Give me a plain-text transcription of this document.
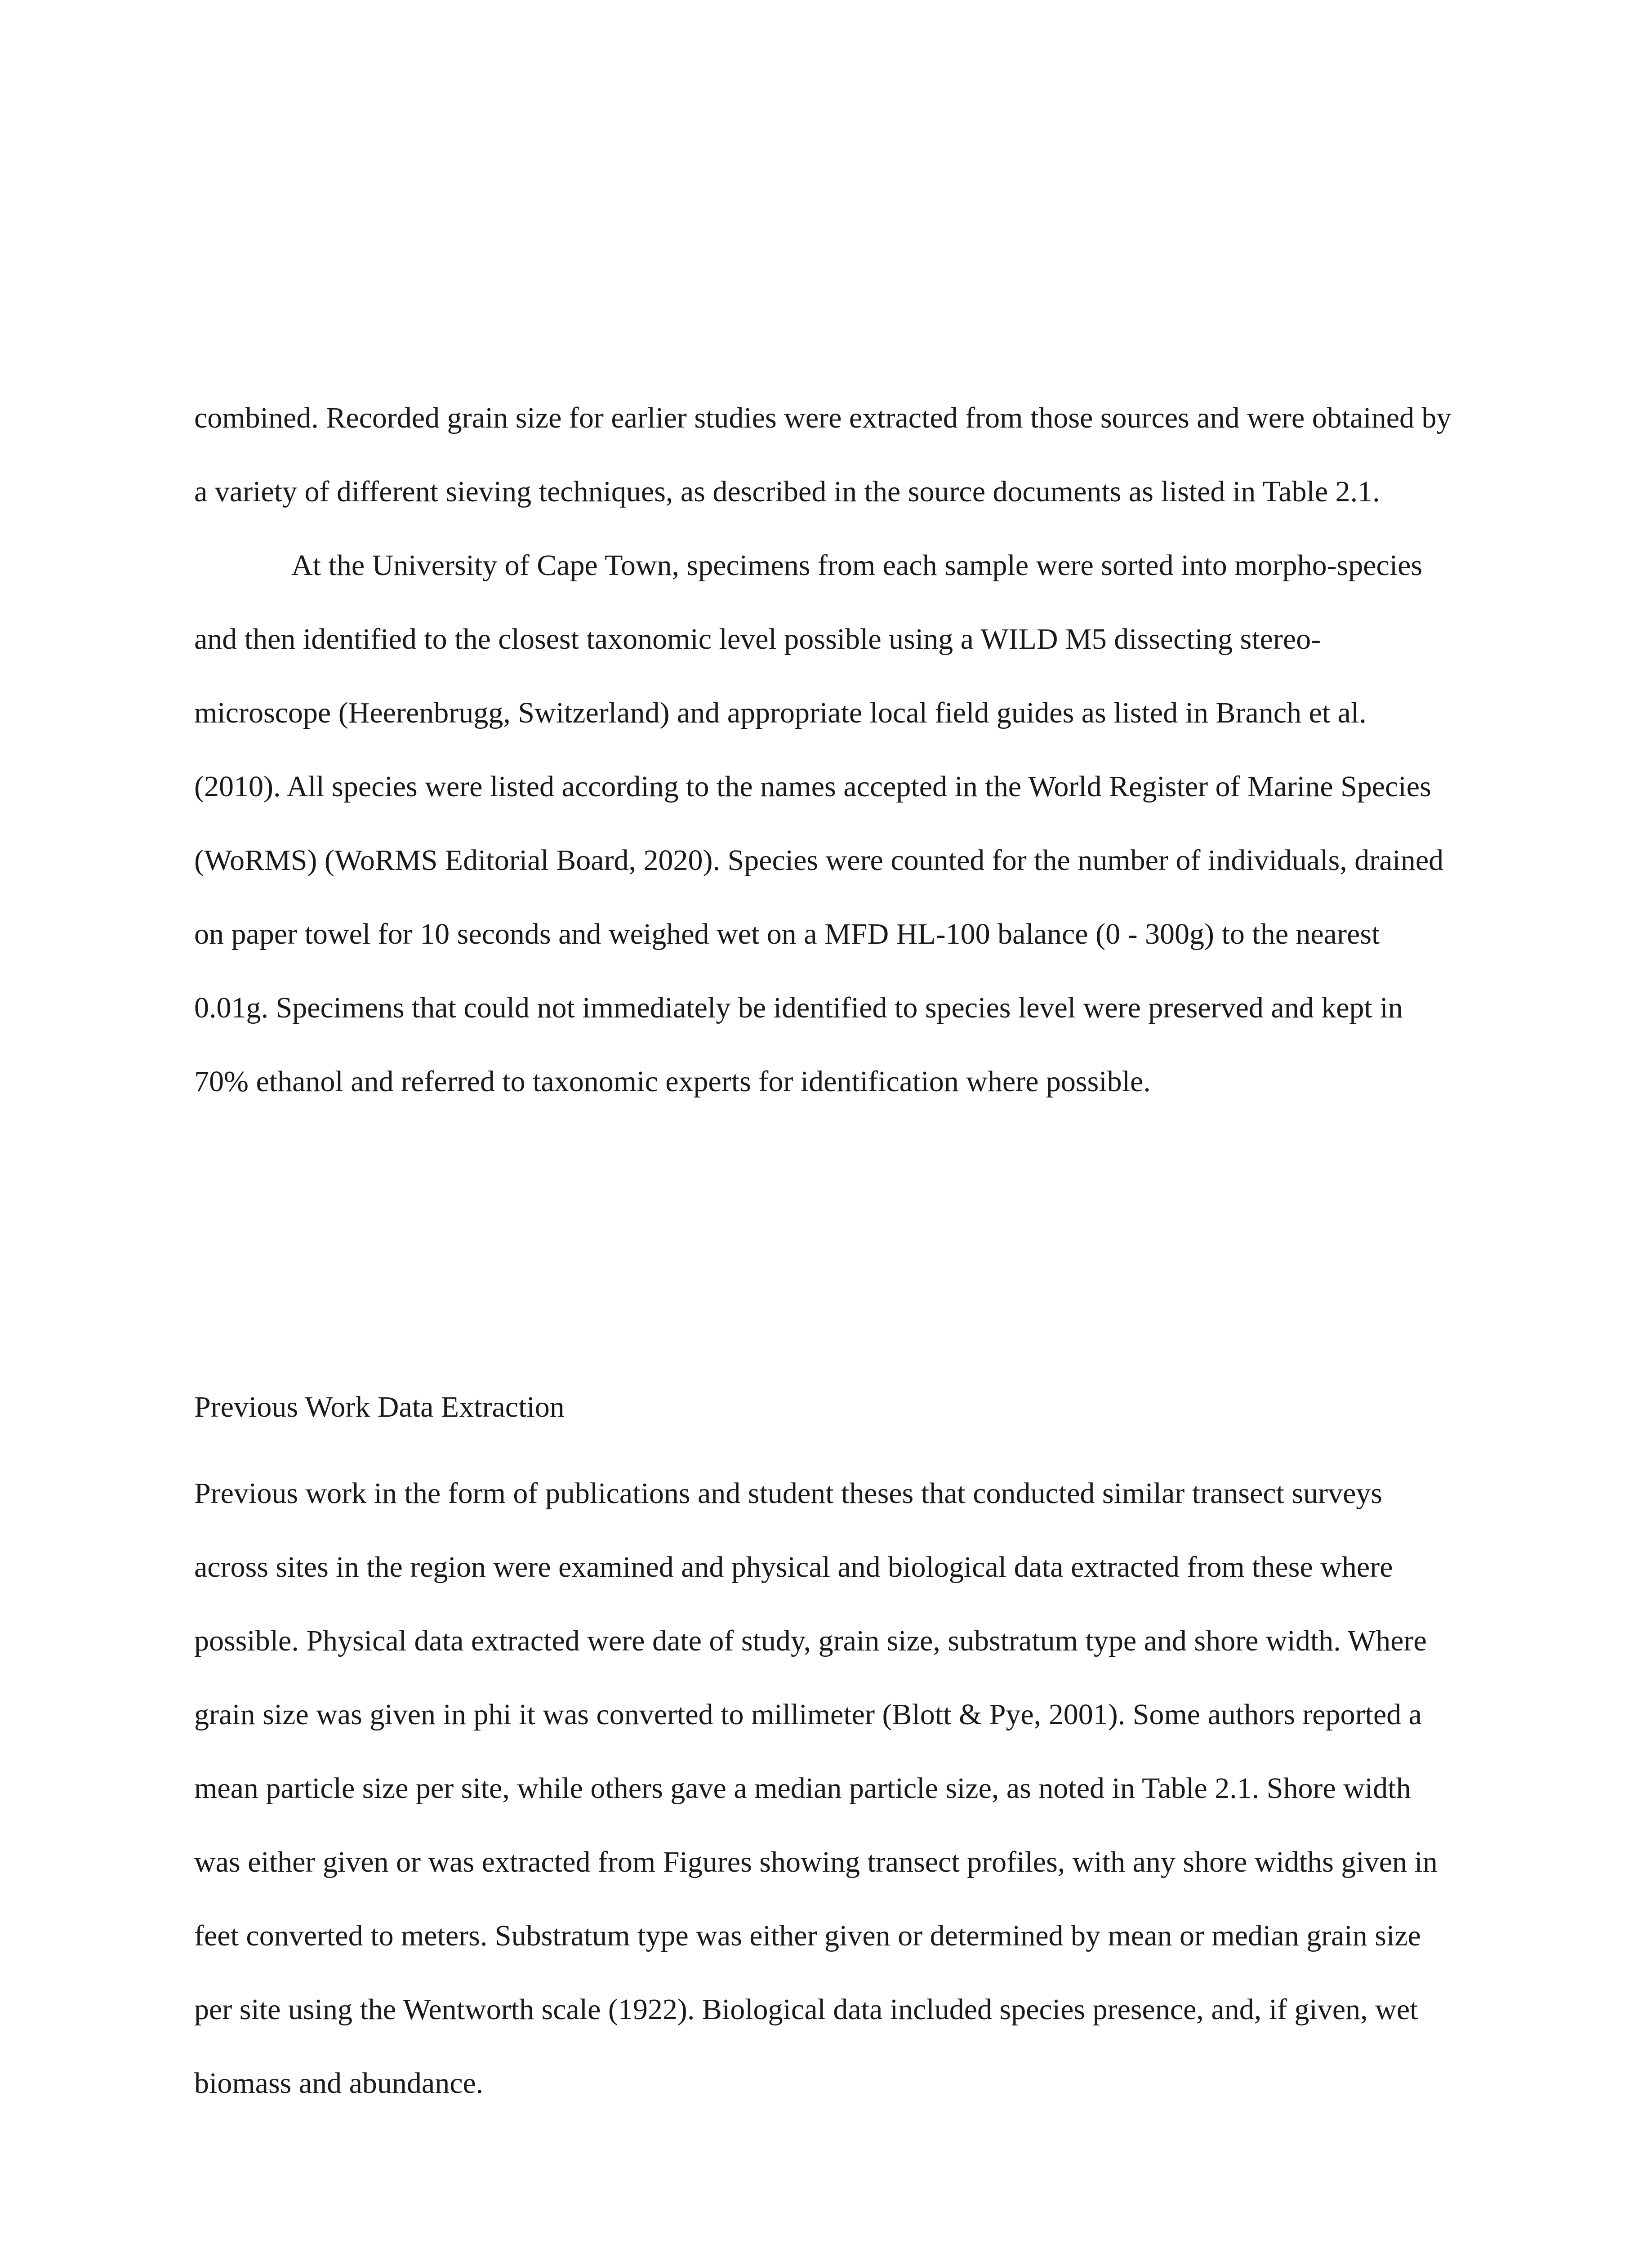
combined. Recorded grain size for earlier studies were extracted from those sources and were obtained by a variety of different sieving techniques, as described in the source documents as listed in Table 2.1.

At the University of Cape Town, specimens from each sample were sorted into morpho-species and then identified to the closest taxonomic level possible using a WILD M5 dissecting stereo-microscope (Heerenbrugg, Switzerland) and appropriate local field guides as listed in Branch et al. (2010). All species were listed according to the names accepted in the World Register of Marine Species (WoRMS) (WoRMS Editorial Board, 2020). Species were counted for the number of individuals, drained on paper towel for 10 seconds and weighed wet on a MFD HL-100 balance (0 - 300g) to the nearest 0.01g. Specimens that could not immediately be identified to species level were preserved and kept in 70% ethanol and referred to taxonomic experts for identification where possible.

Previous Work Data Extraction

Previous work in the form of publications and student theses that conducted similar transect surveys across sites in the region were examined and physical and biological data extracted from these where possible. Physical data extracted were date of study, grain size, substratum type and shore width. Where grain size was given in phi it was converted to millimeter (Blott & Pye, 2001). Some authors reported a mean particle size per site, while others gave a median particle size, as noted in Table 2.1. Shore width was either given or was extracted from Figures showing transect profiles, with any shore widths given in feet converted to meters. Substratum type was either given or determined by mean or median grain size per site using the Wentworth scale (1922). Biological data included species presence, and, if given, wet biomass and abundance.
